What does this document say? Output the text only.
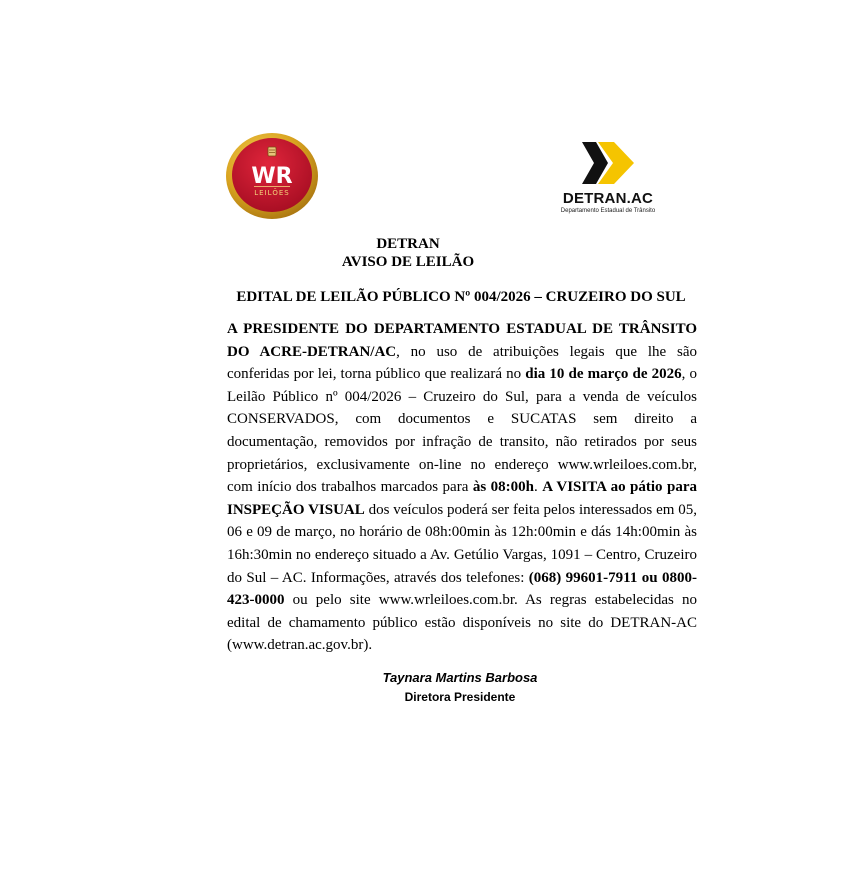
WR
LEILÕES	DETRAN.AC
Departamento Estadual de Trânsito

DETRAN

AVISO DE LEILÃO

EDITAL DE LEILÃO PÚBLICO Nº 004/2026 – CRUZEIRO DO SUL

A PRESIDENTE DO DEPARTAMENTO ESTADUAL DE TRÂNSITO DO ACRE-DETRAN/AC, no uso de atribuições legais que lhe são conferidas por lei, torna público que realizará no dia 10 de março de 2026, o Leilão Público nº 004/2026 – Cruzeiro do Sul, para a venda de veículos CONSERVADOS, com documentos e SUCATAS sem direito a documentação, removidos por infração de transito, não retirados por seus proprietários, exclusivamente on-line no endereço www.wrleiloes.com.br, com início dos trabalhos marcados para às 08:00h. A VISITA ao pátio para INSPEÇÃO VISUAL dos veículos poderá ser feita pelos interessados em 05, 06 e 09 de março, no horário de 08h:00min às 12h:00min e dás 14h:00min às 16h:30min no endereço situado a Av. Getúlio Vargas, 1091 – Centro, Cruzeiro do Sul – AC. Informações, através dos telefones: (068) 99601-7911 ou 0800-423-0000 ou pelo site www.wrleiloes.com.br. As regras estabelecidas no edital de chamamento público estão disponíveis no site do DETRAN-AC (www.detran.ac.gov.br).

Taynara Martins Barbosa
Diretora Presidente
